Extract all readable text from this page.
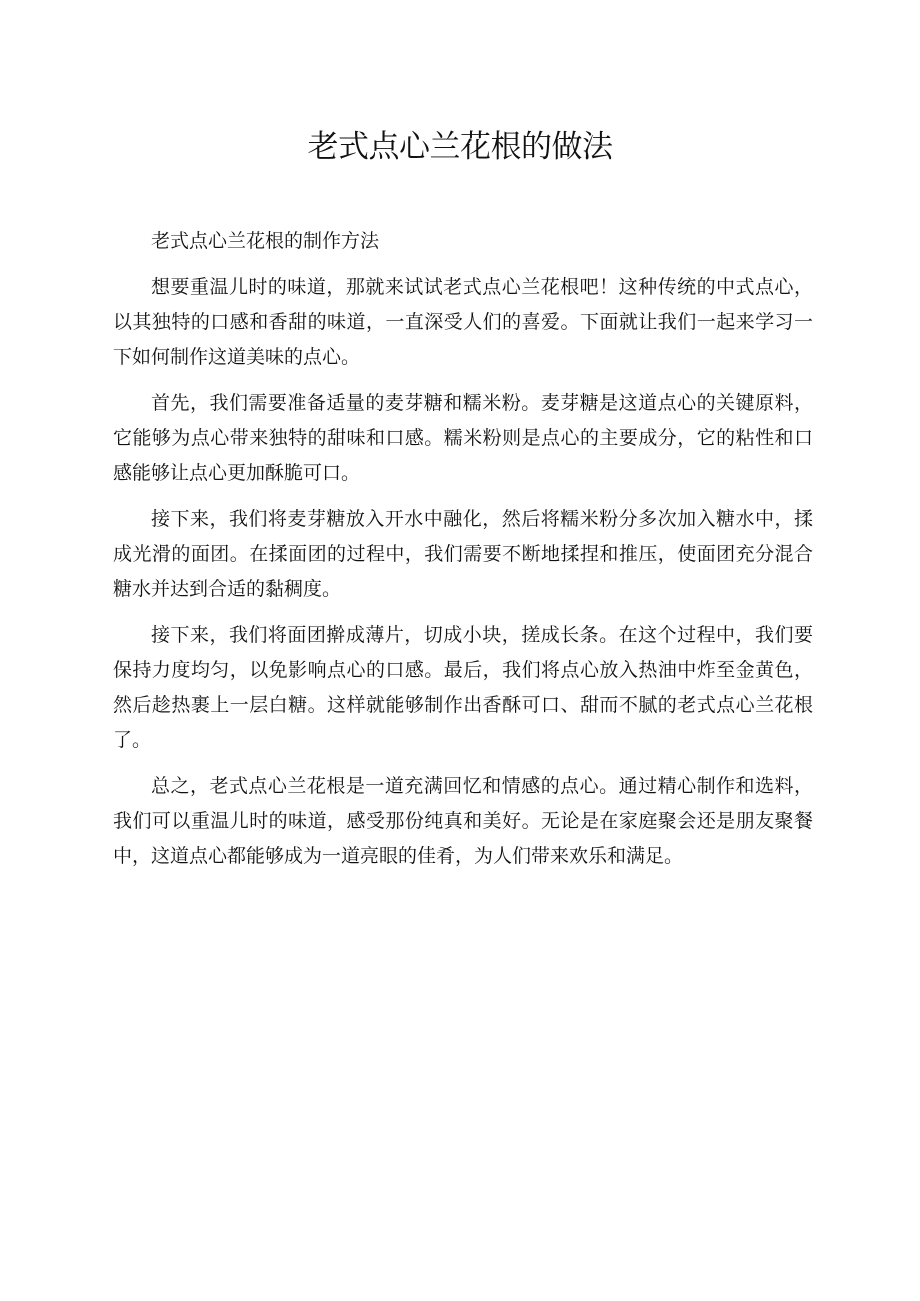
老式点心兰花根的做法

老式点心兰花根的制作方法

想要重温儿时的味道，那就来试试老式点心兰花根吧！这种传统的中式点心，以其独特的口感和香甜的味道，一直深受人们的喜爱。下面就让我们一起来学习一下如何制作这道美味的点心。

首先，我们需要准备适量的麦芽糖和糯米粉。麦芽糖是这道点心的关键原料，它能够为点心带来独特的甜味和口感。糯米粉则是点心的主要成分，它的粘性和口感能够让点心更加酥脆可口。

接下来，我们将麦芽糖放入开水中融化，然后将糯米粉分多次加入糖水中，揉成光滑的面团。在揉面团的过程中，我们需要不断地揉捏和推压，使面团充分混合糖水并达到合适的黏稠度。

接下来，我们将面团擀成薄片，切成小块，搓成长条。在这个过程中，我们要保持力度均匀，以免影响点心的口感。最后，我们将点心放入热油中炸至金黄色，然后趁热裹上一层白糖。这样就能够制作出香酥可口、甜而不腻的老式点心兰花根了。

总之，老式点心兰花根是一道充满回忆和情感的点心。通过精心制作和选料，我们可以重温儿时的味道，感受那份纯真和美好。无论是在家庭聚会还是朋友聚餐中，这道点心都能够成为一道亮眼的佳肴，为人们带来欢乐和满足。
